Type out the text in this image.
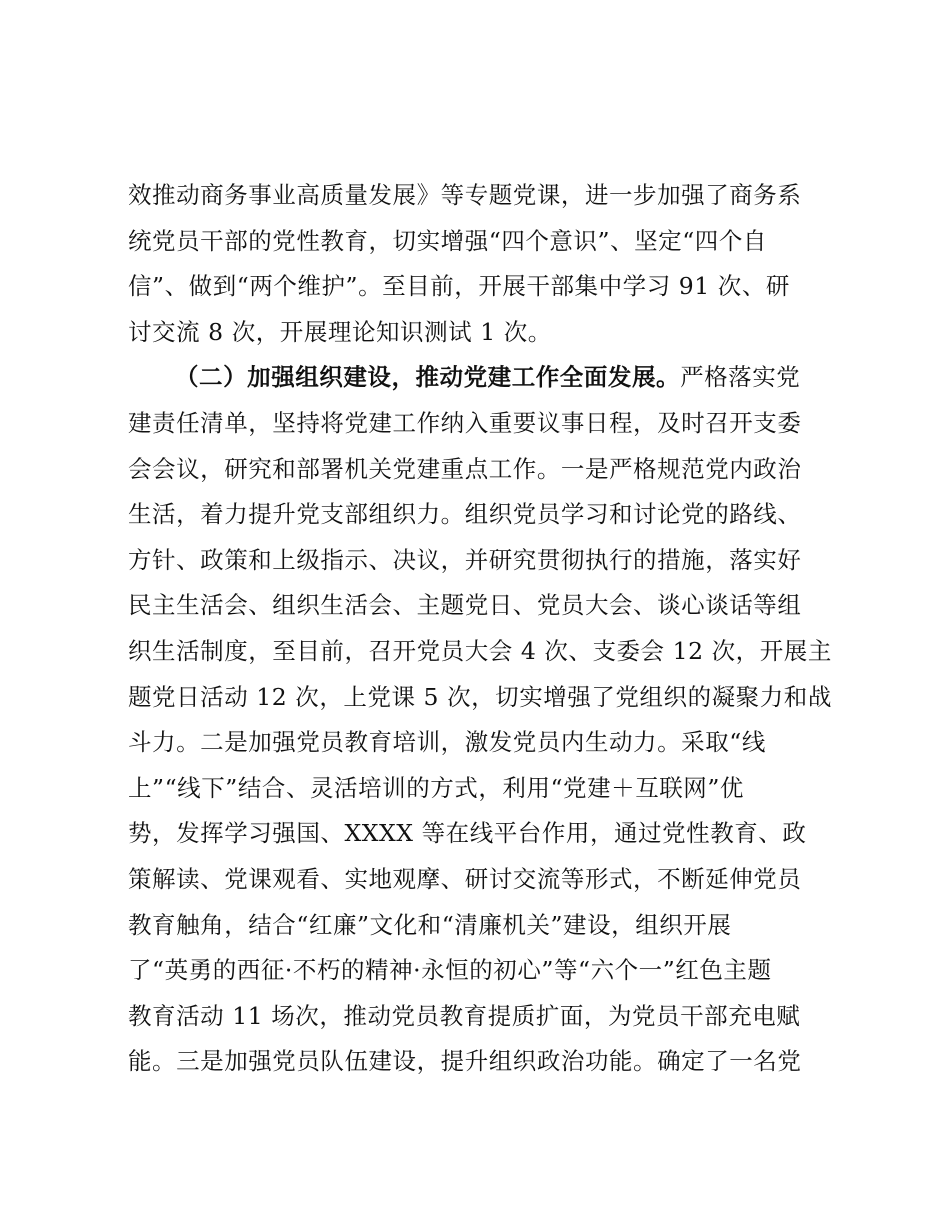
效推动商务事业高质量发展》等专题党课，进一步加强了商务系
统党员干部的党性教育，切实增强“四个意识”、坚定“四个自
信”、做到“两个维护”。至目前，开展干部集中学习 91 次、研
讨交流 8 次，开展理论知识测试 1 次。
（二）加强组织建设，推动党建工作全面发展。严格落实党
建责任清单，坚持将党建工作纳入重要议事日程，及时召开支委
会会议，研究和部署机关党建重点工作。一是严格规范党内政治
生活，着力提升党支部组织力。组织党员学习和讨论党的路线、
方针、政策和上级指示、决议，并研究贯彻执行的措施，落实好
民主生活会、组织生活会、主题党日、党员大会、谈心谈话等组
织生活制度，至目前，召开党员大会 4 次、支委会 12 次，开展主
题党日活动 12 次，上党课 5 次，切实增强了党组织的凝聚力和战
斗力。二是加强党员教育培训，激发党员内生动力。采取“线
上”“线下”结合、灵活培训的方式，利用“党建＋互联网”优
势，发挥学习强国、XXXX 等在线平台作用，通过党性教育、政
策解读、党课观看、实地观摩、研讨交流等形式，不断延伸党员
教育触角，结合“红廉”文化和“清廉机关”建设，组织开展
了“英勇的西征·不朽的精神·永恒的初心”等“六个一”红色主题
教育活动 11 场次，推动党员教育提质扩面，为党员干部充电赋
能。三是加强党员队伍建设，提升组织政治功能。确定了一名党
